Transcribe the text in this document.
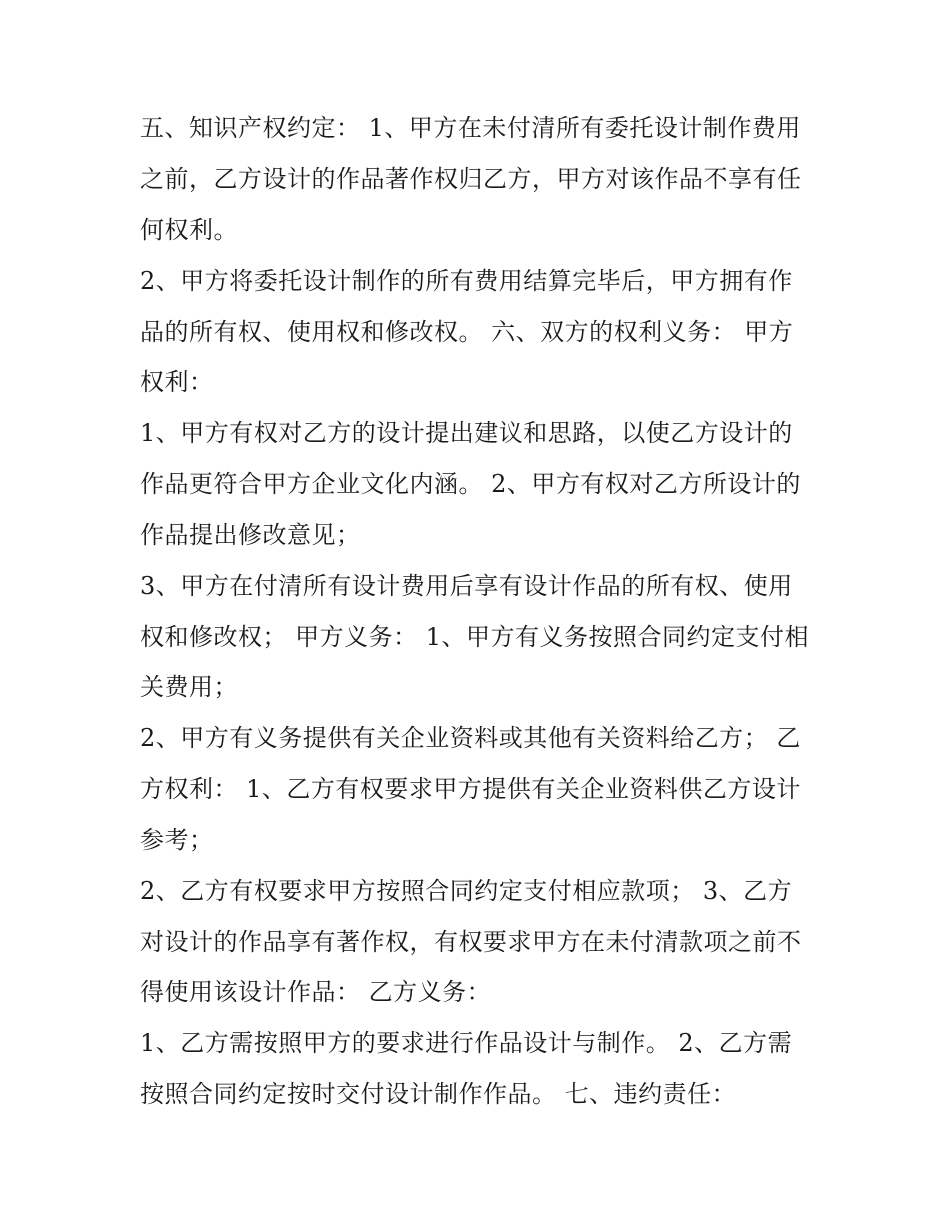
五、知识产权约定： 1、甲方在未付清所有委托设计制作费用
之前，乙方设计的作品著作权归乙方，甲方对该作品不享有任
何权利。
2、甲方将委托设计制作的所有费用结算完毕后，甲方拥有作
品的所有权、使用权和修改权。 六、双方的权利义务： 甲方
权利：
1、甲方有权对乙方的设计提出建议和思路，以使乙方设计的
作品更符合甲方企业文化内涵。 2、甲方有权对乙方所设计的
作品提出修改意见；
3、甲方在付清所有设计费用后享有设计作品的所有权、使用
权和修改权； 甲方义务： 1、甲方有义务按照合同约定支付相
关费用；
2、甲方有义务提供有关企业资料或其他有关资料给乙方； 乙
方权利： 1、乙方有权要求甲方提供有关企业资料供乙方设计
参考；
2、乙方有权要求甲方按照合同约定支付相应款项； 3、乙方
对设计的作品享有著作权，有权要求甲方在未付清款项之前不
得使用该设计作品： 乙方义务：
1、乙方需按照甲方的要求进行作品设计与制作。 2、乙方需
按照合同约定按时交付设计制作作品。 七、违约责任：
